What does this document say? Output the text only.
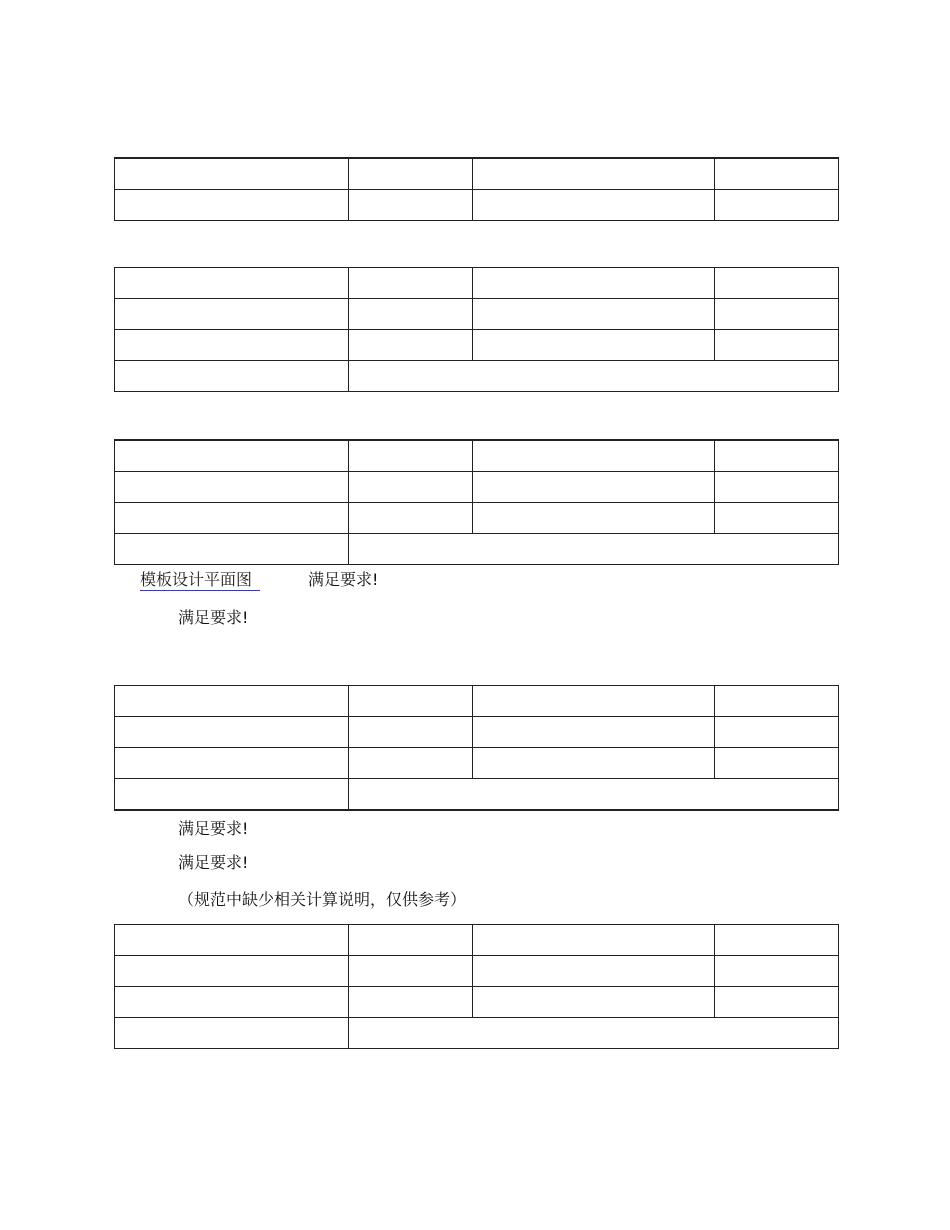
模板设计平面图	满足要求!
满足要求!

满足要求!
满足要求!
（规范中缺少相关计算说明，仅供参考）
